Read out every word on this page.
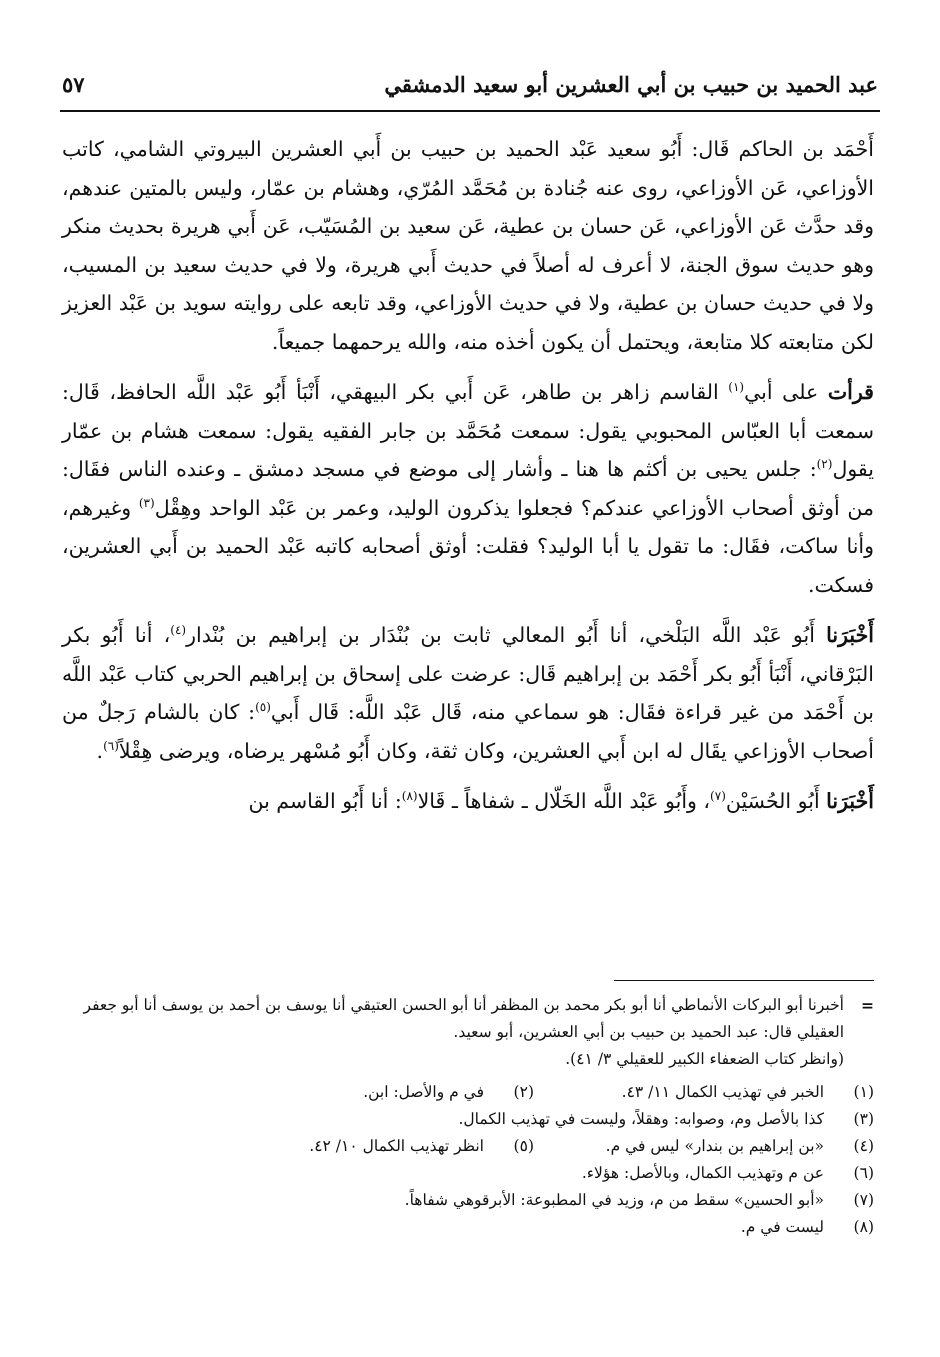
عبد الحميد بن حبيب بن أبي العشرين أبو سعيد الدمشقي
٥٧

أَحْمَد بن الحاكم قَال: أَبُو سعيد عَبْد الحميد بن حبيب بن أَبي العشرين البيروتي الشامي، كاتب الأوزاعي، عَن الأوزاعي، روى عنه جُنادة بن مُحَمَّد المُرّي، وهشام بن عمّار، وليس بالمتين عندهم، وقد حدَّث عَن الأوزاعي، عَن حسان بن عطية، عَن سعيد بن المُسَيّب، عَن أَبي هريرة بحديث منكر وهو حديث سوق الجنة، لا أعرف له أصلاً في حديث أَبي هريرة، ولا في حديث سعيد بن المسيب، ولا في حديث حسان بن عطية، ولا في حديث الأوزاعي، وقد تابعه على روايته سويد بن عَبْد العزيز لكن متابعته كلا متابعة، ويحتمل أن يكون أخذه منه، والله يرحمهما جميعاً.

قرأت على أبي$^{(١)}$ القاسم زاهر بن طاهر، عَن أَبي بكر البيهقي، أَنْبَأ أَبُو عَبْد اللَّه الحافظ، قَال: سمعت أبا العبّاس المحبوبي يقول: سمعت مُحَمَّد بن جابر الفقيه يقول: سمعت هشام بن عمّار يقول$^{(٢)}$: جلس يحيى بن أكثم ها هنا ـ وأشار إلى موضع في مسجد دمشق ـ وعنده الناس فقَال: من أوثق أصحاب الأوزاعي عندكم؟ فجعلوا يذكرون الوليد، وعمر بن عَبْد الواحد وهِقْل$^{(٣)}$ وغيرهم، وأنا ساكت، فقَال: ما تقول يا أبا الوليد؟ فقلت: أوثق أصحابه كاتبه عَبْد الحميد بن أَبي العشرين، فسكت.

أَخْبَرَنا أَبُو عَبْد اللَّه البَلْخي، أنا أَبُو المعالي ثابت بن بُنْدَار بن إبراهيم بن بُنْدار$^{(٤)}$، أنا أَبُو بكر البَرْقاني، أَنْبَأ أَبُو بكر أَحْمَد بن إبراهيم قَال: عرضت على إسحاق بن إبراهيم الحربي كتاب عَبْد اللَّه بن أَحْمَد من غير قراءة فقَال: هو سماعي منه، قَال عَبْد اللَّه: قَال أَبي$^{(٥)}$: كان بالشام رَجلٌ من أصحاب الأوزاعي يقَال له ابن أَبي العشرين، وكان ثقة، وكان أَبُو مُسْهر يرضاه، ويرضى هِقْلاً$^{(٦)}$.

أَخْبَرَنا أَبُو الحُسَيْن$^{(٧)}$، وأَبُو عَبْد اللَّه الخَلّال ـ شفاهاً ـ قَالا$^{(٨)}$: أنا أَبُو القاسم بن

=
أخبرنا أبو البركات الأنماطي أنا أبو بكر محمد بن المظفر أنا أبو الحسن العتيقي أنا يوسف بن أحمد بن يوسف أنا أبو جعفر العقيلي قال: عبد الحميد بن حبيب بن أبي العشرين، أبو سعيد.
(وانظر كتاب الضعفاء الكبير للعقيلي ٣/ ٤١).
(١)
الخبر في تهذيب الكمال ١١/ ٤٣.
(٢)
في م والأصل: ابن.
(٣)
كذا بالأصل وم، وصوابه: وهقلاً، وليست في تهذيب الكمال.
(٤)
«بن إبراهيم بن بندار» ليس في م.
(٥)
انظر تهذيب الكمال ١٠/ ٤٢.
(٦)
عن م وتهذيب الكمال، وبالأصل: هؤلاء.
(٧)
«أبو الحسين» سقط من م، وزيد في المطبوعة: الأبرقوهي شفاهاً.
(٨)
ليست في م.
